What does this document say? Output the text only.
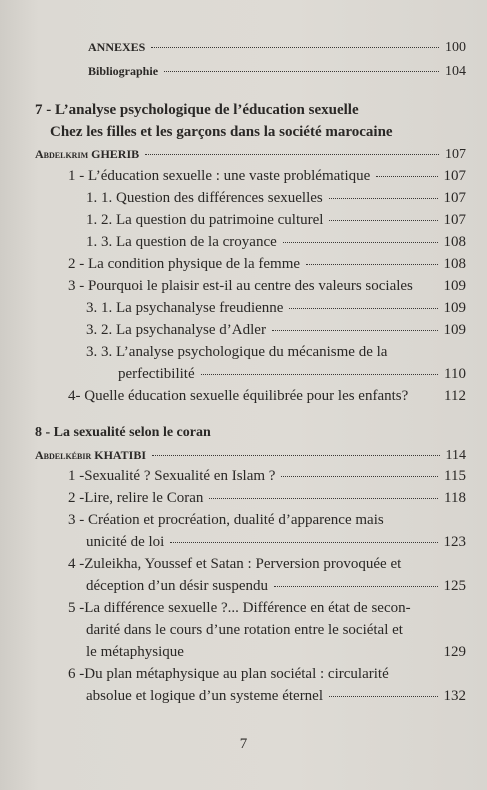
ANNEXES	100
Bibliographie	104
7 - L’analyse psychologique de l’éducation sexuelle
Chez les filles et les garçons dans la société marocaine
Abdelkrim GHERIB	107
1 - L’éducation sexuelle : une vaste problématique	107
1. 1. Question des différences sexuelles	107
1. 2. La question du patrimoine culturel	107
1. 3. La question de la croyance	108
2 - La condition physique de la femme	108
3 - Pourquoi le plaisir est-il au centre des valeurs sociales 109
3. 1. La psychanalyse freudienne	109
3. 2. La psychanalyse d’Adler	109
3. 3. L’analyse psychologique du mécanisme de la
perfectibilité	110
4- Quelle éducation sexuelle équilibrée pour les enfants? 112
8 - La sexualité selon le coran
Abdelkébir KHATIBI	114
1 -Sexualité ? Sexualité en Islam ?	115
2 -Lire, relire le Coran	118
3 - Création et procréation, dualité d’apparence mais
unicité de loi	123
4 -Zuleikha, Youssef et Satan : Perversion provoquée et
déception d’un désir suspendu	125
5 -La différence sexuelle ?... Différence en état de secon-
darité dans le cours d’une rotation entre le sociétal et
le métaphysique	129
6 -Du plan métaphysique au plan sociétal : circularité
absolue et logique d’un systeme éternel	132
7
